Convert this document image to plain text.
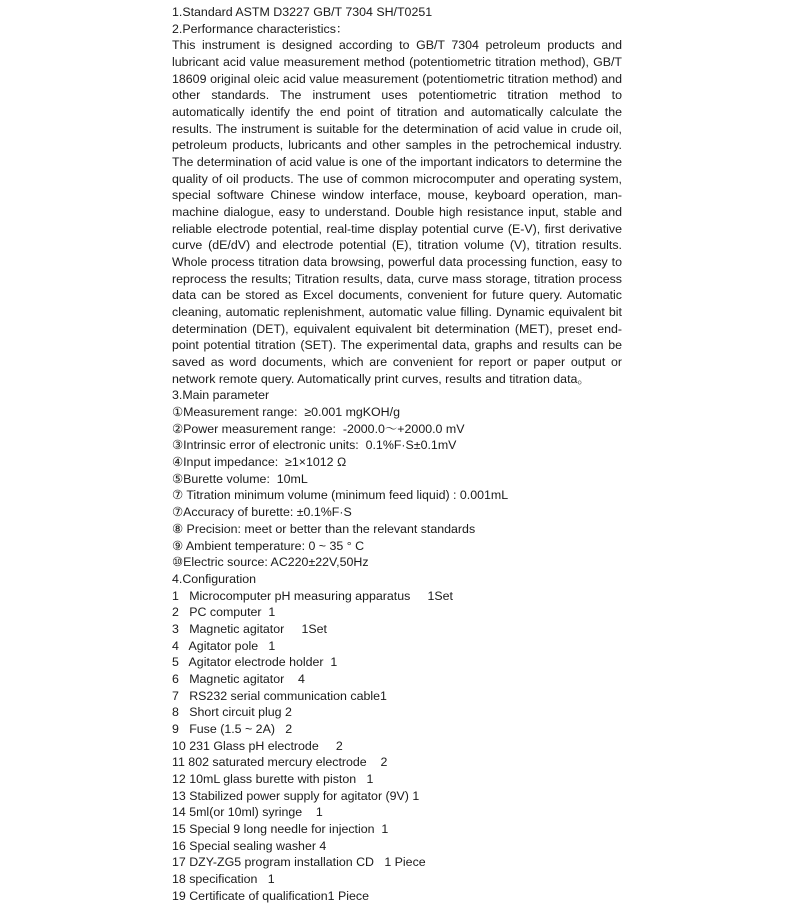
1.Standard ASTM D3227 GB/T 7304 SH/T0251
2.Performance characteristics：
This instrument is designed according to GB/T 7304 petroleum products and lubricant acid value measurement method (potentiometric titration method), GB/T 18609 original oleic acid value measurement (potentiometric titration method) and other standards. The instrument uses potentiometric titration method to automatically identify the end point of titration and automatically calculate the results. The instrument is suitable for the determination of acid value in crude oil, petroleum products, lubricants and other samples in the petrochemical industry. The determination of acid value is one of the important indicators to determine the quality of oil products. The use of common microcomputer and operating system, special software Chinese window interface, mouse, keyboard operation, man-machine dialogue, easy to understand. Double high resistance input, stable and reliable electrode potential, real-time display potential curve (E-V), first derivative curve (dE/dV) and electrode potential (E), titration volume (V), titration results. Whole process titration data browsing, powerful data processing function, easy to reprocess the results; Titration results, data, curve mass storage, titration process data can be stored as Excel documents, convenient for future query. Automatic cleaning, automatic replenishment, automatic value filling. Dynamic equivalent bit determination (DET), equivalent equivalent bit determination (MET), preset end-point potential titration (SET). The experimental data, graphs and results can be saved as word documents, which are convenient for report or paper output or network remote query. Automatically print curves, results and titration data。
3.Main parameter
①Measurement range:  ≥0.001 mgKOH/g
②Power measurement range:  -2000.0～+2000.0 mV
③Intrinsic error of electronic units:  0.1%F·S±0.1mV
④Input impedance:  ≥1×1012 Ω
⑤Burette volume:  10mL
⑦ Titration minimum volume (minimum feed liquid) : 0.001mL
⑦Accuracy of burette: ±0.1%F·S
⑧ Precision: meet or better than the relevant standards
⑨ Ambient temperature: 0 ~ 35 ° C
⑩Electric source: AC220±22V,50Hz
4.Configuration
1   Microcomputer pH measuring apparatus     1Set
2   PC computer  1
3   Magnetic agitator     1Set
4   Agitator pole   1
5   Agitator electrode holder  1
6   Magnetic agitator    4
7   RS232 serial communication cable1
8   Short circuit plug 2
9   Fuse (1.5 ~ 2A)   2
10 231 Glass pH electrode     2
11 802 saturated mercury electrode    2
12 10mL glass burette with piston   1
13 Stabilized power supply for agitator (9V) 1
14 5ml(or 10ml) syringe    1
15 Special 9 long needle for injection  1
16 Special sealing washer 4
17 DZY-ZG5 program installation CD   1 Piece
18 specification   1
19 Certificate of qualification1 Piece
